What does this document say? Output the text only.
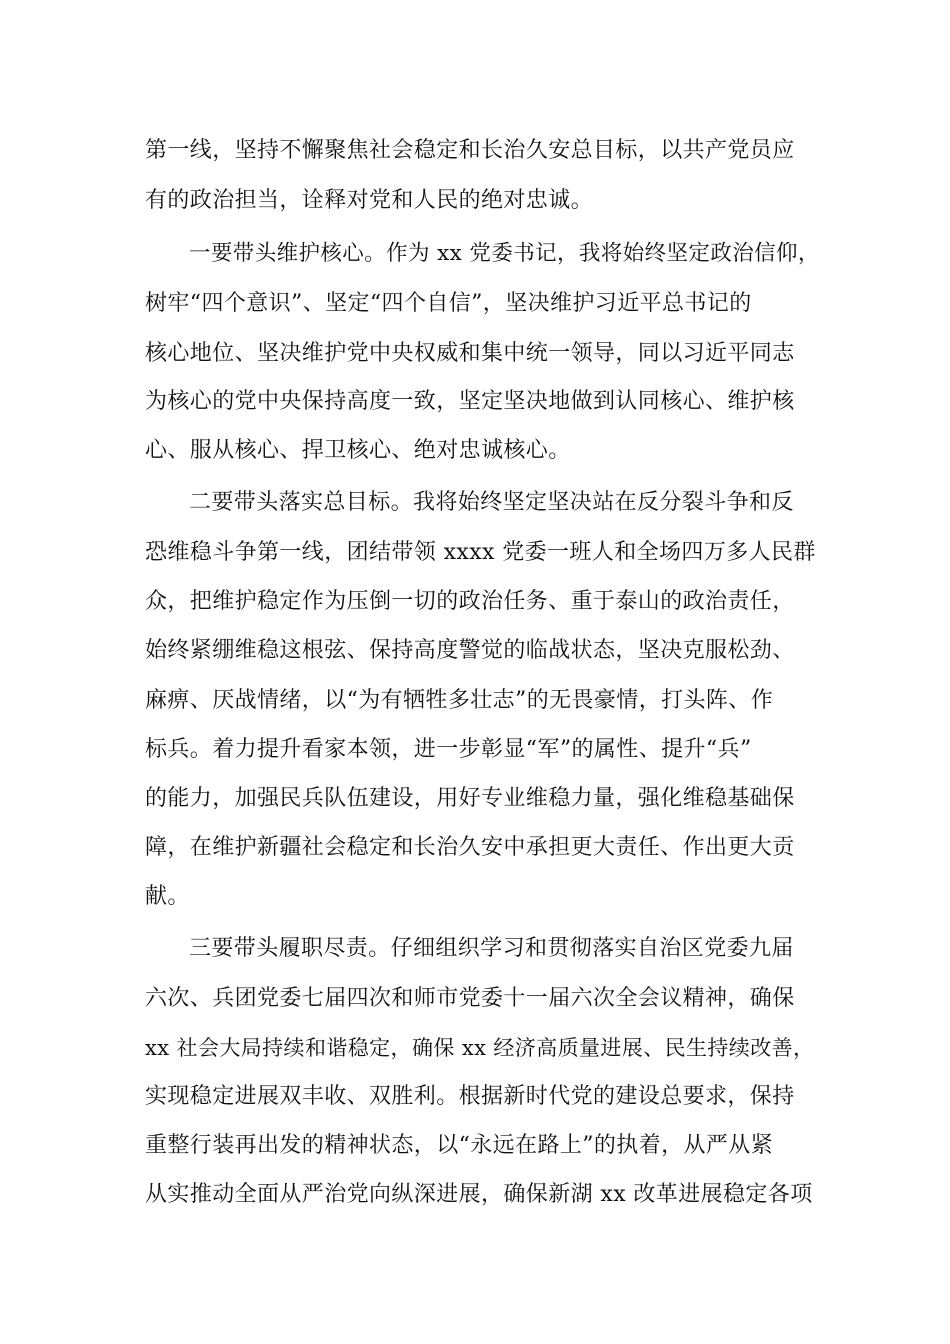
第一线，坚持不懈聚焦社会稳定和长治久安总目标，以共产党员应
有的政治担当，诠释对党和人民的绝对忠诚。
一要带头维护核心。作为 xx 党委书记，我将始终坚定政治信仰，
树牢“四个意识”、坚定“四个自信”，坚决维护习近平总书记的
核心地位、坚决维护党中央权威和集中统一领导，同以习近平同志
为核心的党中央保持高度一致，坚定坚决地做到认同核心、维护核
心、服从核心、捍卫核心、绝对忠诚核心。
二要带头落实总目标。我将始终坚定坚决站在反分裂斗争和反
恐维稳斗争第一线，团结带领 xxxx 党委一班人和全场四万多人民群
众，把维护稳定作为压倒一切的政治任务、重于泰山的政治责任，
始终紧绷维稳这根弦、保持高度警觉的临战状态，坚决克服松劲、
麻痹、厌战情绪，以“为有牺牲多壮志”的无畏豪情，打头阵、作
标兵。着力提升看家本领，进一步彰显“军”的属性、提升“兵”
的能力，加强民兵队伍建设，用好专业维稳力量，强化维稳基础保
障，在维护新疆社会稳定和长治久安中承担更大责任、作出更大贡
献。
三要带头履职尽责。仔细组织学习和贯彻落实自治区党委九届
六次、兵团党委七届四次和师市党委十一届六次全会议精神，确保
xx 社会大局持续和谐稳定，确保 xx 经济高质量进展、民生持续改善，
实现稳定进展双丰收、双胜利。根据新时代党的建设总要求，保持
重整行装再出发的精神状态，以“永远在路上”的执着，从严从紧
从实推动全面从严治党向纵深进展，确保新湖 xx 改革进展稳定各项
